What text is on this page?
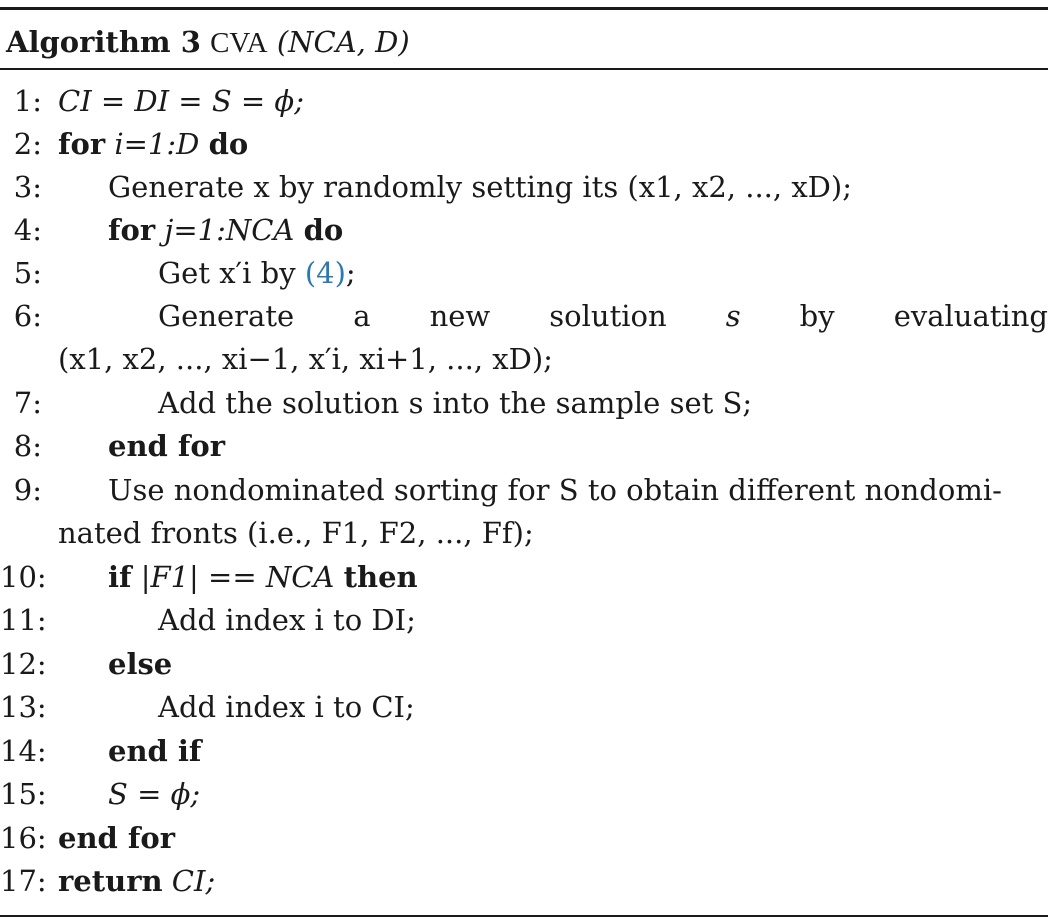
Algorithm 3 CVA (NCA, D)
1: CI = DI = S = ϕ;
2: for i=1:D do
3: Generate x by randomly setting its (x1, x2, ..., xD);
4: for j=1:NCA do
5:	Get x′i by (4);
6:	Generate a new solution s by evaluating
(x1, x2, ..., xi−1, x′i, xi+1, ..., xD);
7:	Add the solution s into the sample set S;
8: end for
9: Use nondominated sorting for S to obtain different nondomi-
nated fronts (i.e., F1, F2, ..., Ff);
10: if |F1| == NCA then
11:	Add index i to DI;
12: else
13:	Add index i to CI;
14: end if
15: S = ϕ;
16: end for
17: return CI;
